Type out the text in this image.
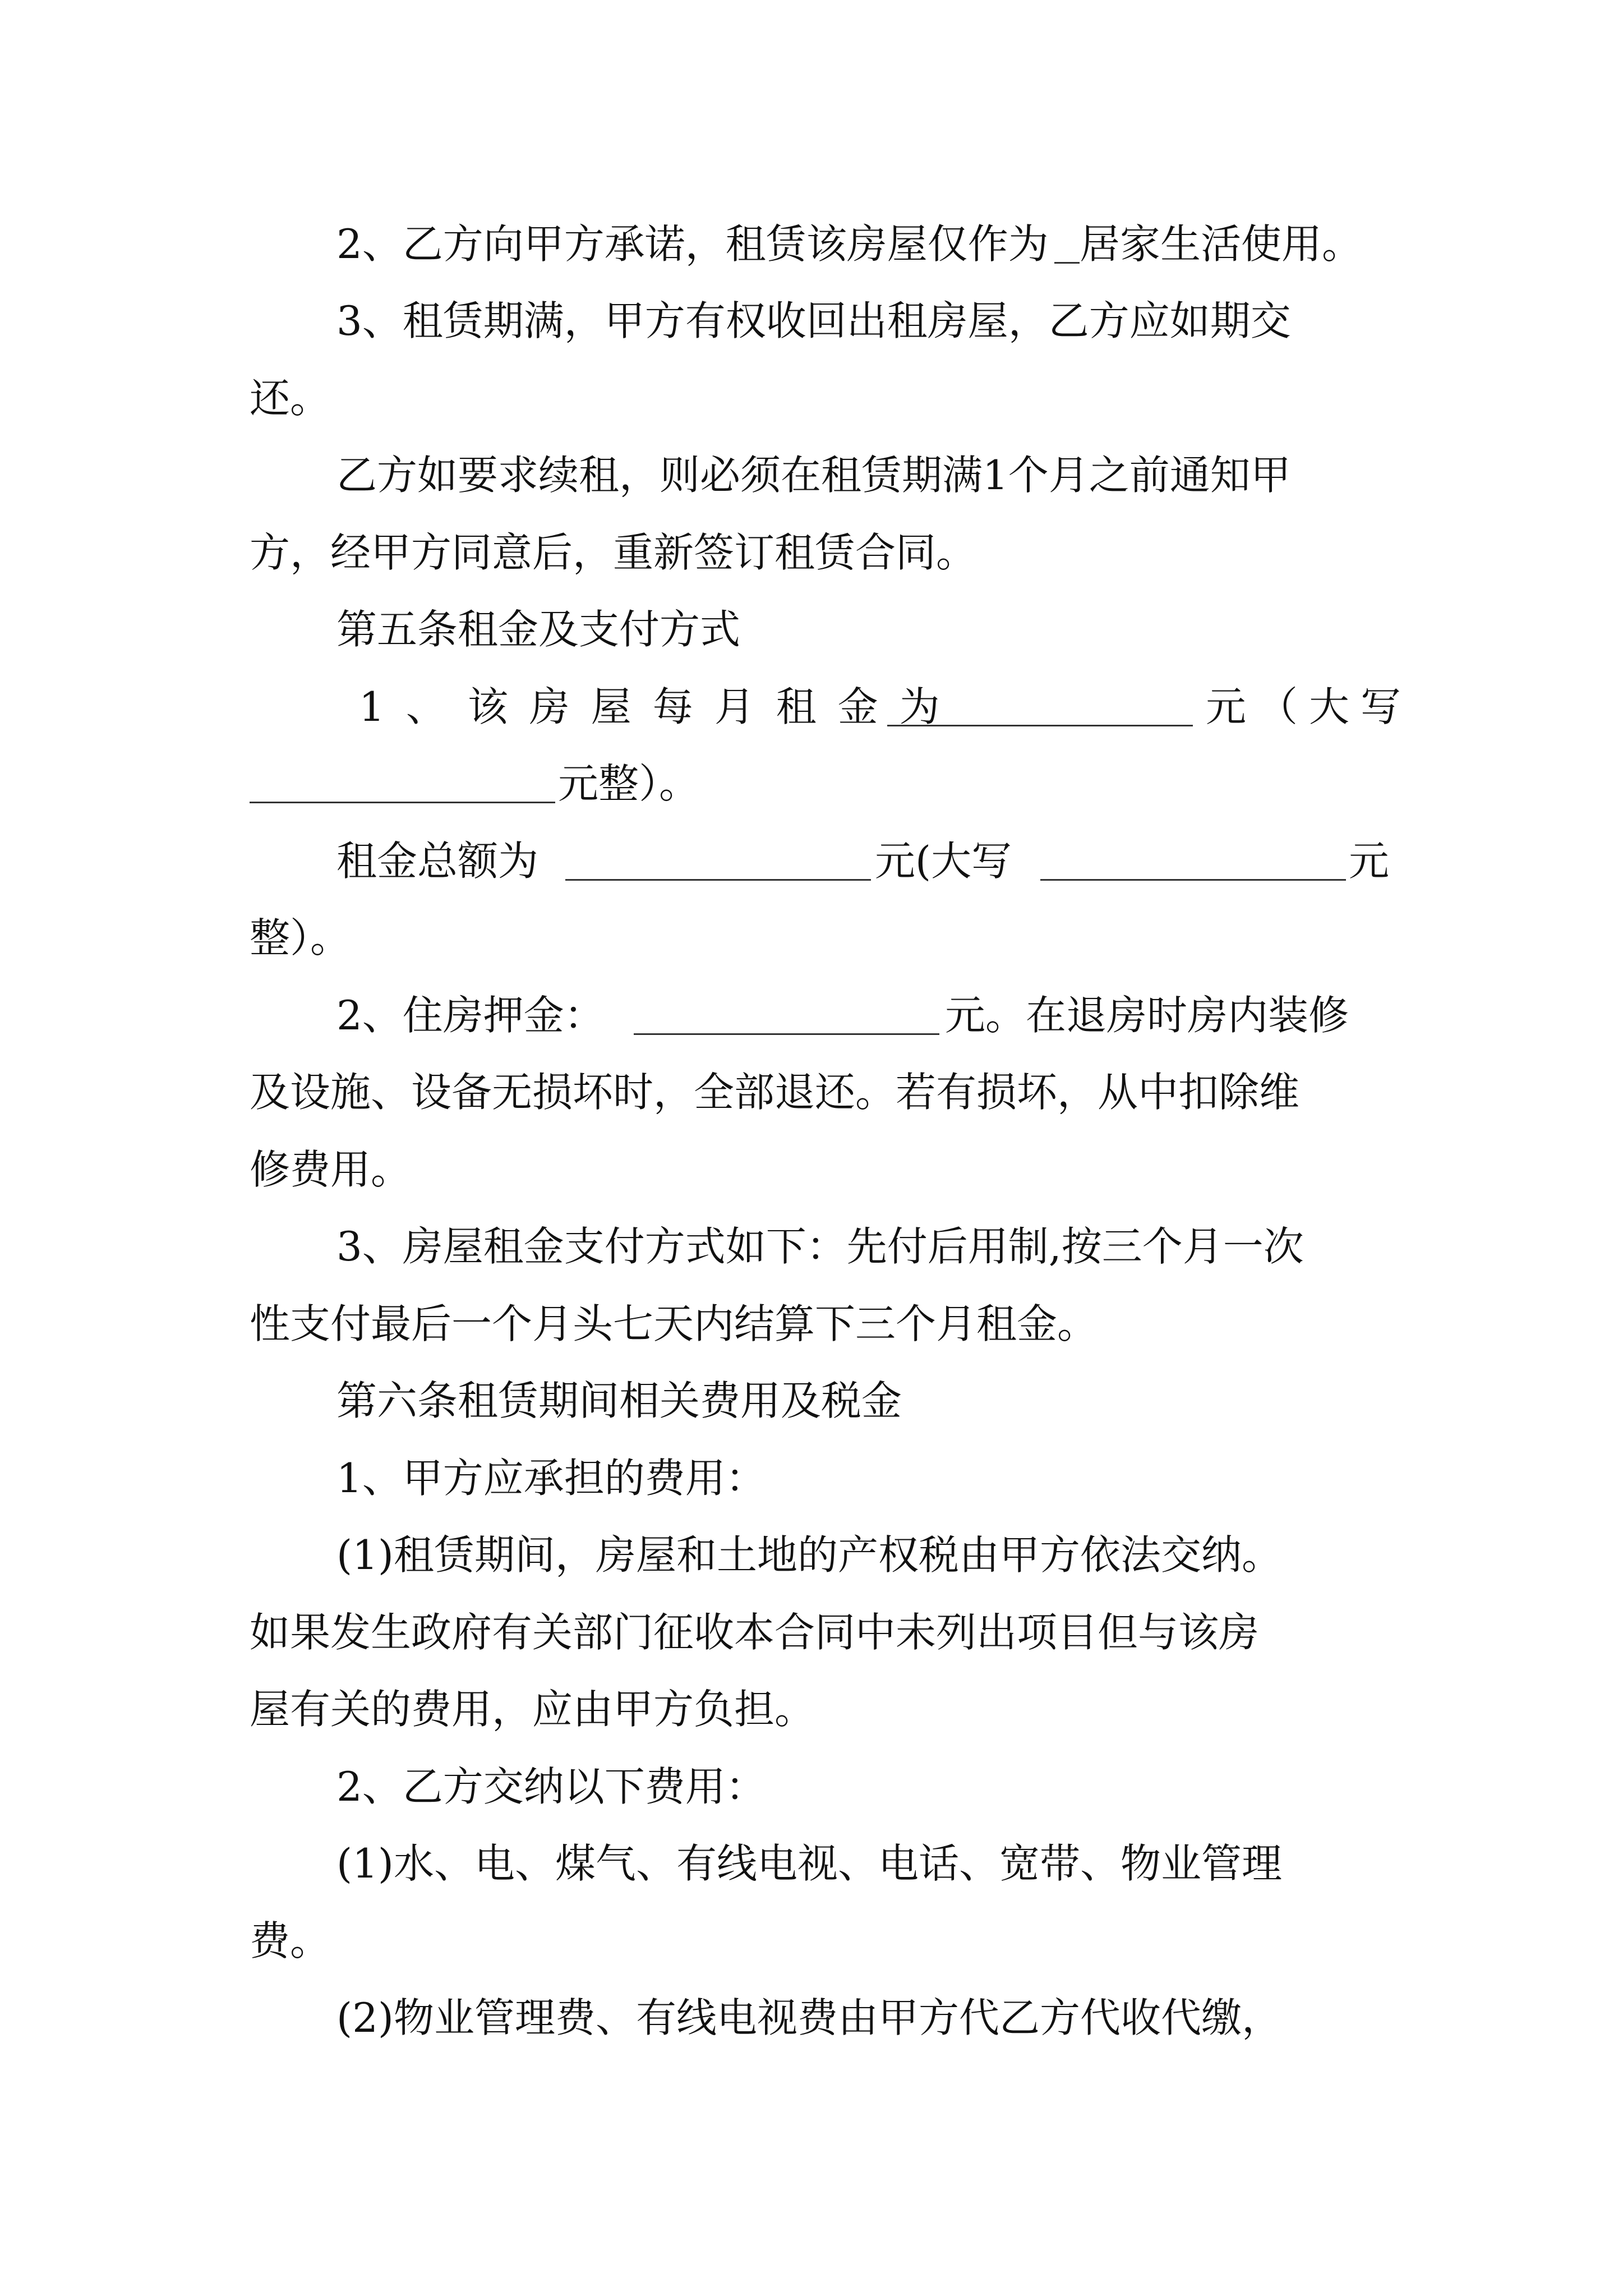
2、乙方向甲方承诺，租赁该房屋仅作为 居家生活使用。
3、租赁期满，甲方有权收回出租房屋，乙方应如期交
还。
乙方如要求续租，则必须在租赁期满1个月之前通知甲
方，经甲方同意后，重新签订租赁合同。
第五条租金及支付方式
1、该房屋每月租金为	元（大写
元整）。
租金总额为	元(大写	元
整）。
2、住房押金：	元。在退房时房内装修
及设施、设备无损坏时，全部退还。若有损坏，从中扣除维
修费用。
3、房屋租金支付方式如下：先付后用制,按三个月一次
性支付最后一个月头七天内结算下三个月租金。
第六条租赁期间相关费用及税金
1、甲方应承担的费用：
(1)租赁期间，房屋和土地的产权税由甲方依法交纳。
如果发生政府有关部门征收本合同中未列出项目但与该房
屋有关的费用，应由甲方负担。
2、乙方交纳以下费用：
(1)水、电、煤气、有线电视、电话、宽带、物业管理
费。
(2)物业管理费、有线电视费由甲方代乙方代收代缴，
